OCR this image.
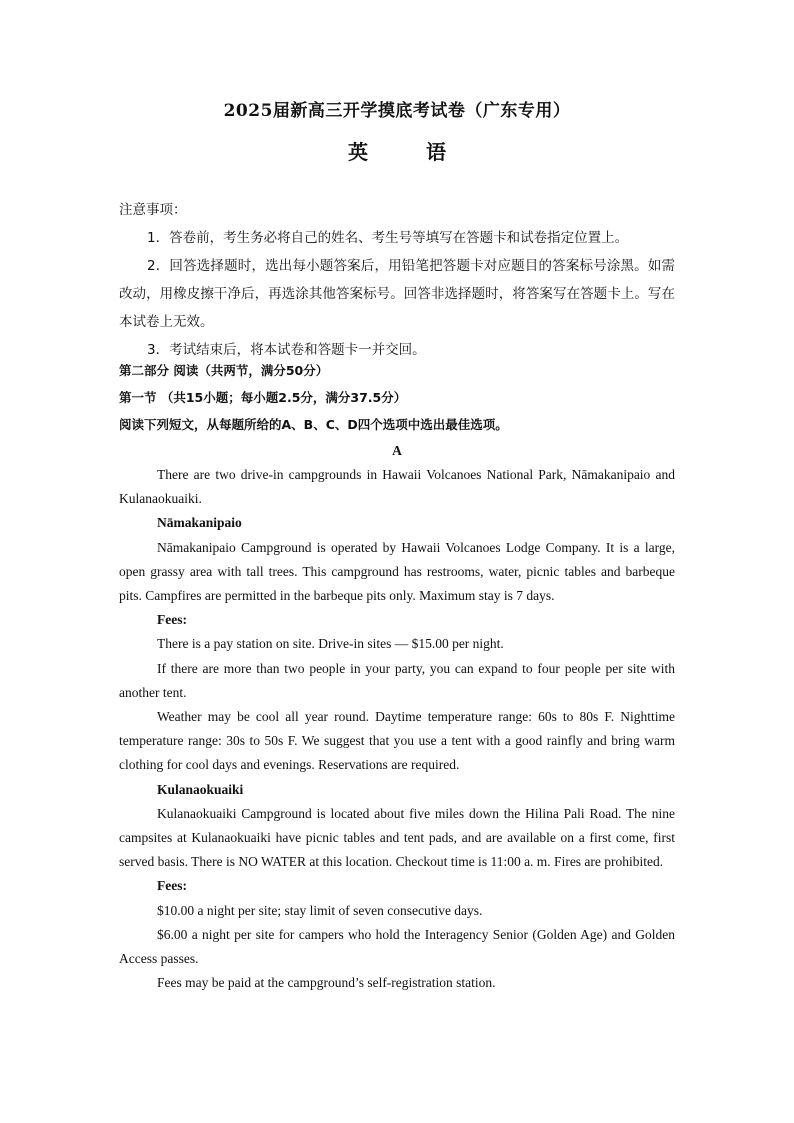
2025届新高三开学摸底考试卷（广东专用）
英	语

注意事项：

1．答卷前，考生务必将自己的姓名、考生号等填写在答题卡和试卷指定位置上。

2．回答选择题时，选出每小题答案后，用铅笔把答题卡对应题目的答案标号涂黑。如需改动，用橡皮擦干净后，再选涂其他答案标号。回答非选择题时，将答案写在答题卡上。写在本试卷上无效。

3．考试结束后，将本试卷和答题卡一并交回。

第二部分 阅读（共两节，满分50分）

第一节 （共15小题；每小题2.5分，满分37.5分）

阅读下列短文，从每题所给的A、B、C、D四个选项中选出最佳选项。

A

There are two drive-in campgrounds in Hawaii Volcanoes National Park, Nāmakanipaio and Kulanaokuaiki.

Nāmakanipaio

Nāmakanipaio Campground is operated by Hawaii Volcanoes Lodge Company. It is a large, open grassy area with tall trees. This campground has restrooms, water, picnic tables and barbeque pits. Campfires are permitted in the barbeque pits only. Maximum stay is 7 days.

Fees:

There is a pay station on site. Drive-in sites — $15.00 per night.

If there are more than two people in your party, you can expand to four people per site with another tent.

Weather may be cool all year round. Daytime temperature range: 60s to 80s F. Nighttime temperature range: 30s to 50s F. We suggest that you use a tent with a good rainfly and bring warm clothing for cool days and evenings. Reservations are required.

Kulanaokuaiki

Kulanaokuaiki Campground is located about five miles down the Hilina Pali Road. The nine campsites at Kulanaokuaiki have picnic tables and tent pads, and are available on a first come, first served basis. There is NO WATER at this location. Checkout time is 11:00 a. m. Fires are prohibited.

Fees:

$10.00 a night per site; stay limit of seven consecutive days.

$6.00 a night per site for campers who hold the Interagency Senior (Golden Age) and Golden Access passes.

Fees may be paid at the campground’s self-registration station.
